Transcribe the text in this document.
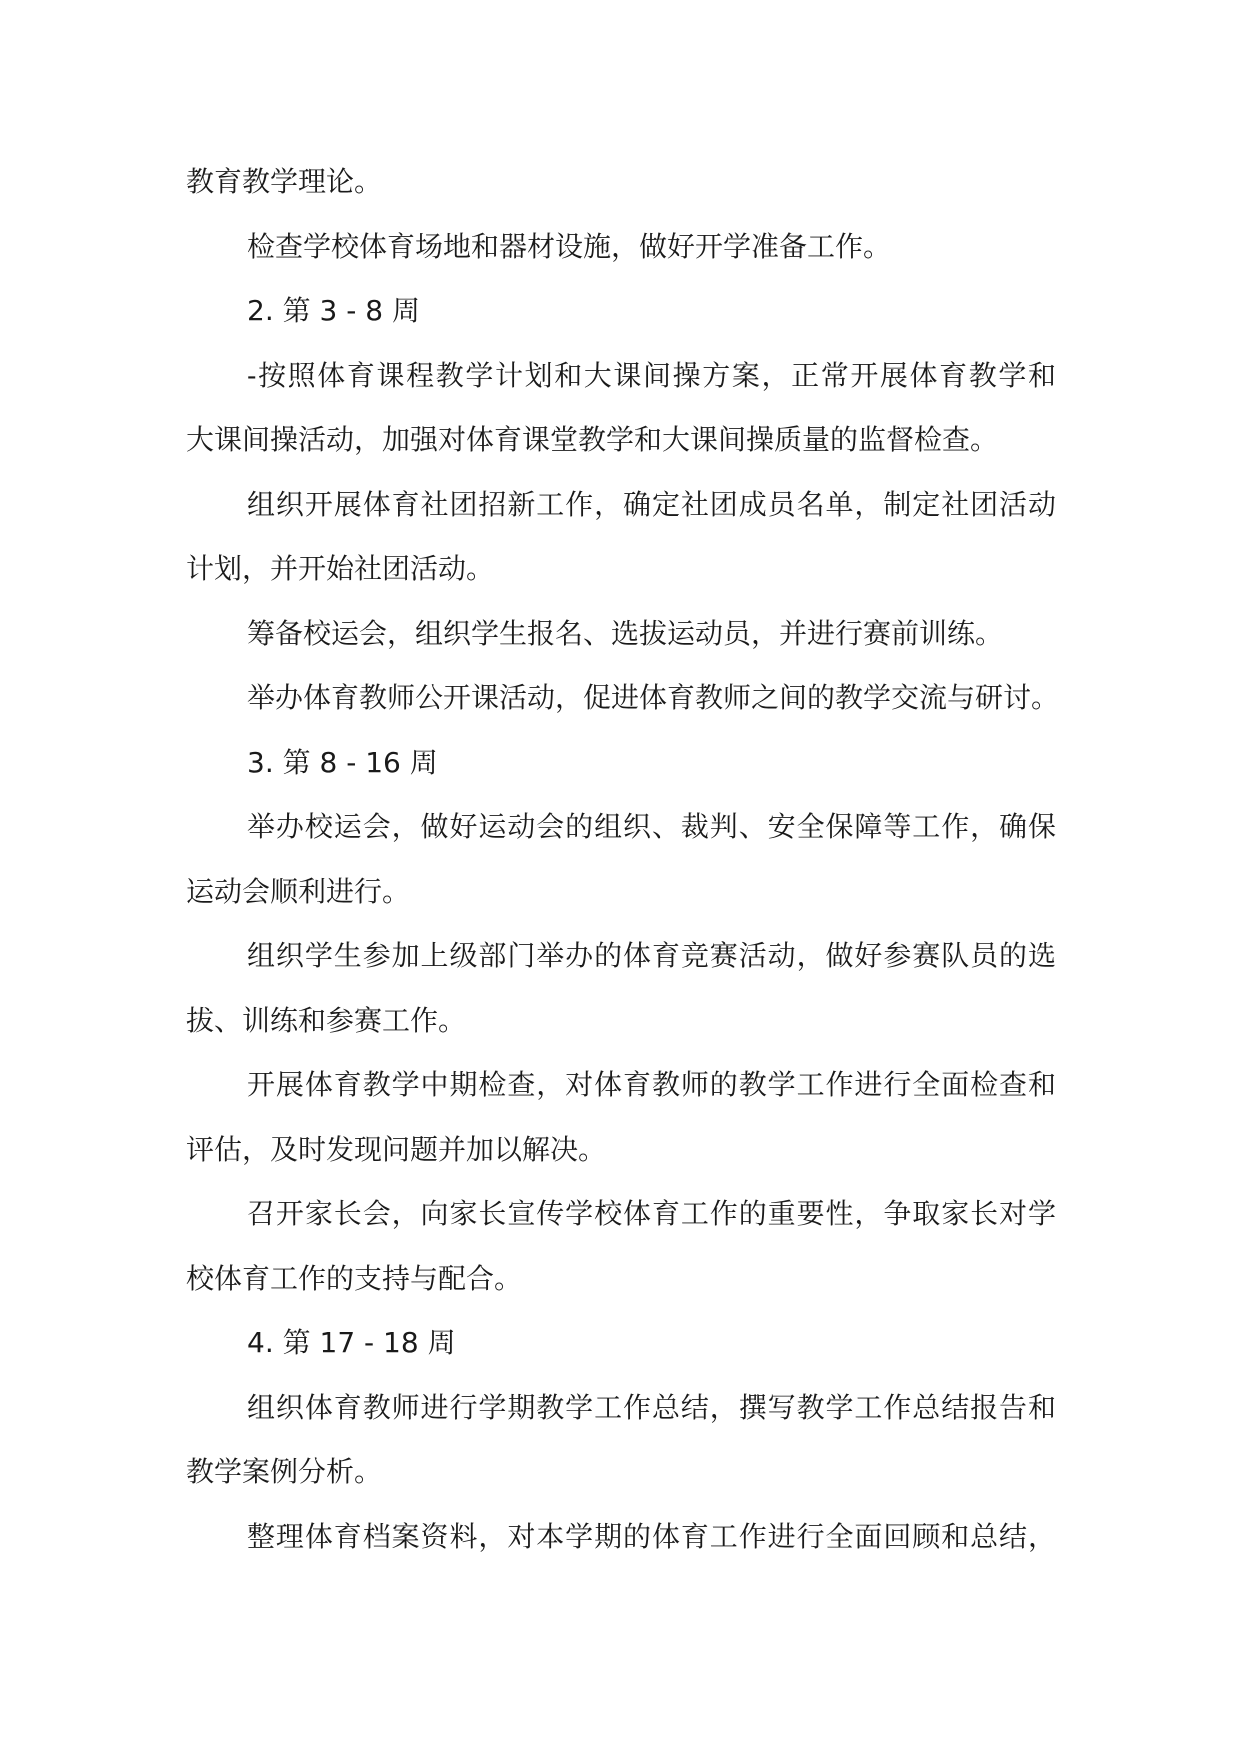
教育教学理论。
检查学校体育场地和器材设施，做好开学准备工作。
2. 第 3 - 8 周
-按照体育课程教学计划和大课间操方案，正常开展体育教学和
大课间操活动，加强对体育课堂教学和大课间操质量的监督检查。
组织开展体育社团招新工作，确定社团成员名单，制定社团活动
计划，并开始社团活动。
筹备校运会，组织学生报名、选拔运动员，并进行赛前训练。
举办体育教师公开课活动，促进体育教师之间的教学交流与研讨。
3. 第 8 - 16 周
举办校运会，做好运动会的组织、裁判、安全保障等工作，确保
运动会顺利进行。
组织学生参加上级部门举办的体育竞赛活动，做好参赛队员的选
拔、训练和参赛工作。
开展体育教学中期检查，对体育教师的教学工作进行全面检查和
评估，及时发现问题并加以解决。
召开家长会，向家长宣传学校体育工作的重要性，争取家长对学
校体育工作的支持与配合。
4. 第 17 - 18 周
组织体育教师进行学期教学工作总结，撰写教学工作总结报告和
教学案例分析。
整理体育档案资料，对本学期的体育工作进行全面回顾和总结，
